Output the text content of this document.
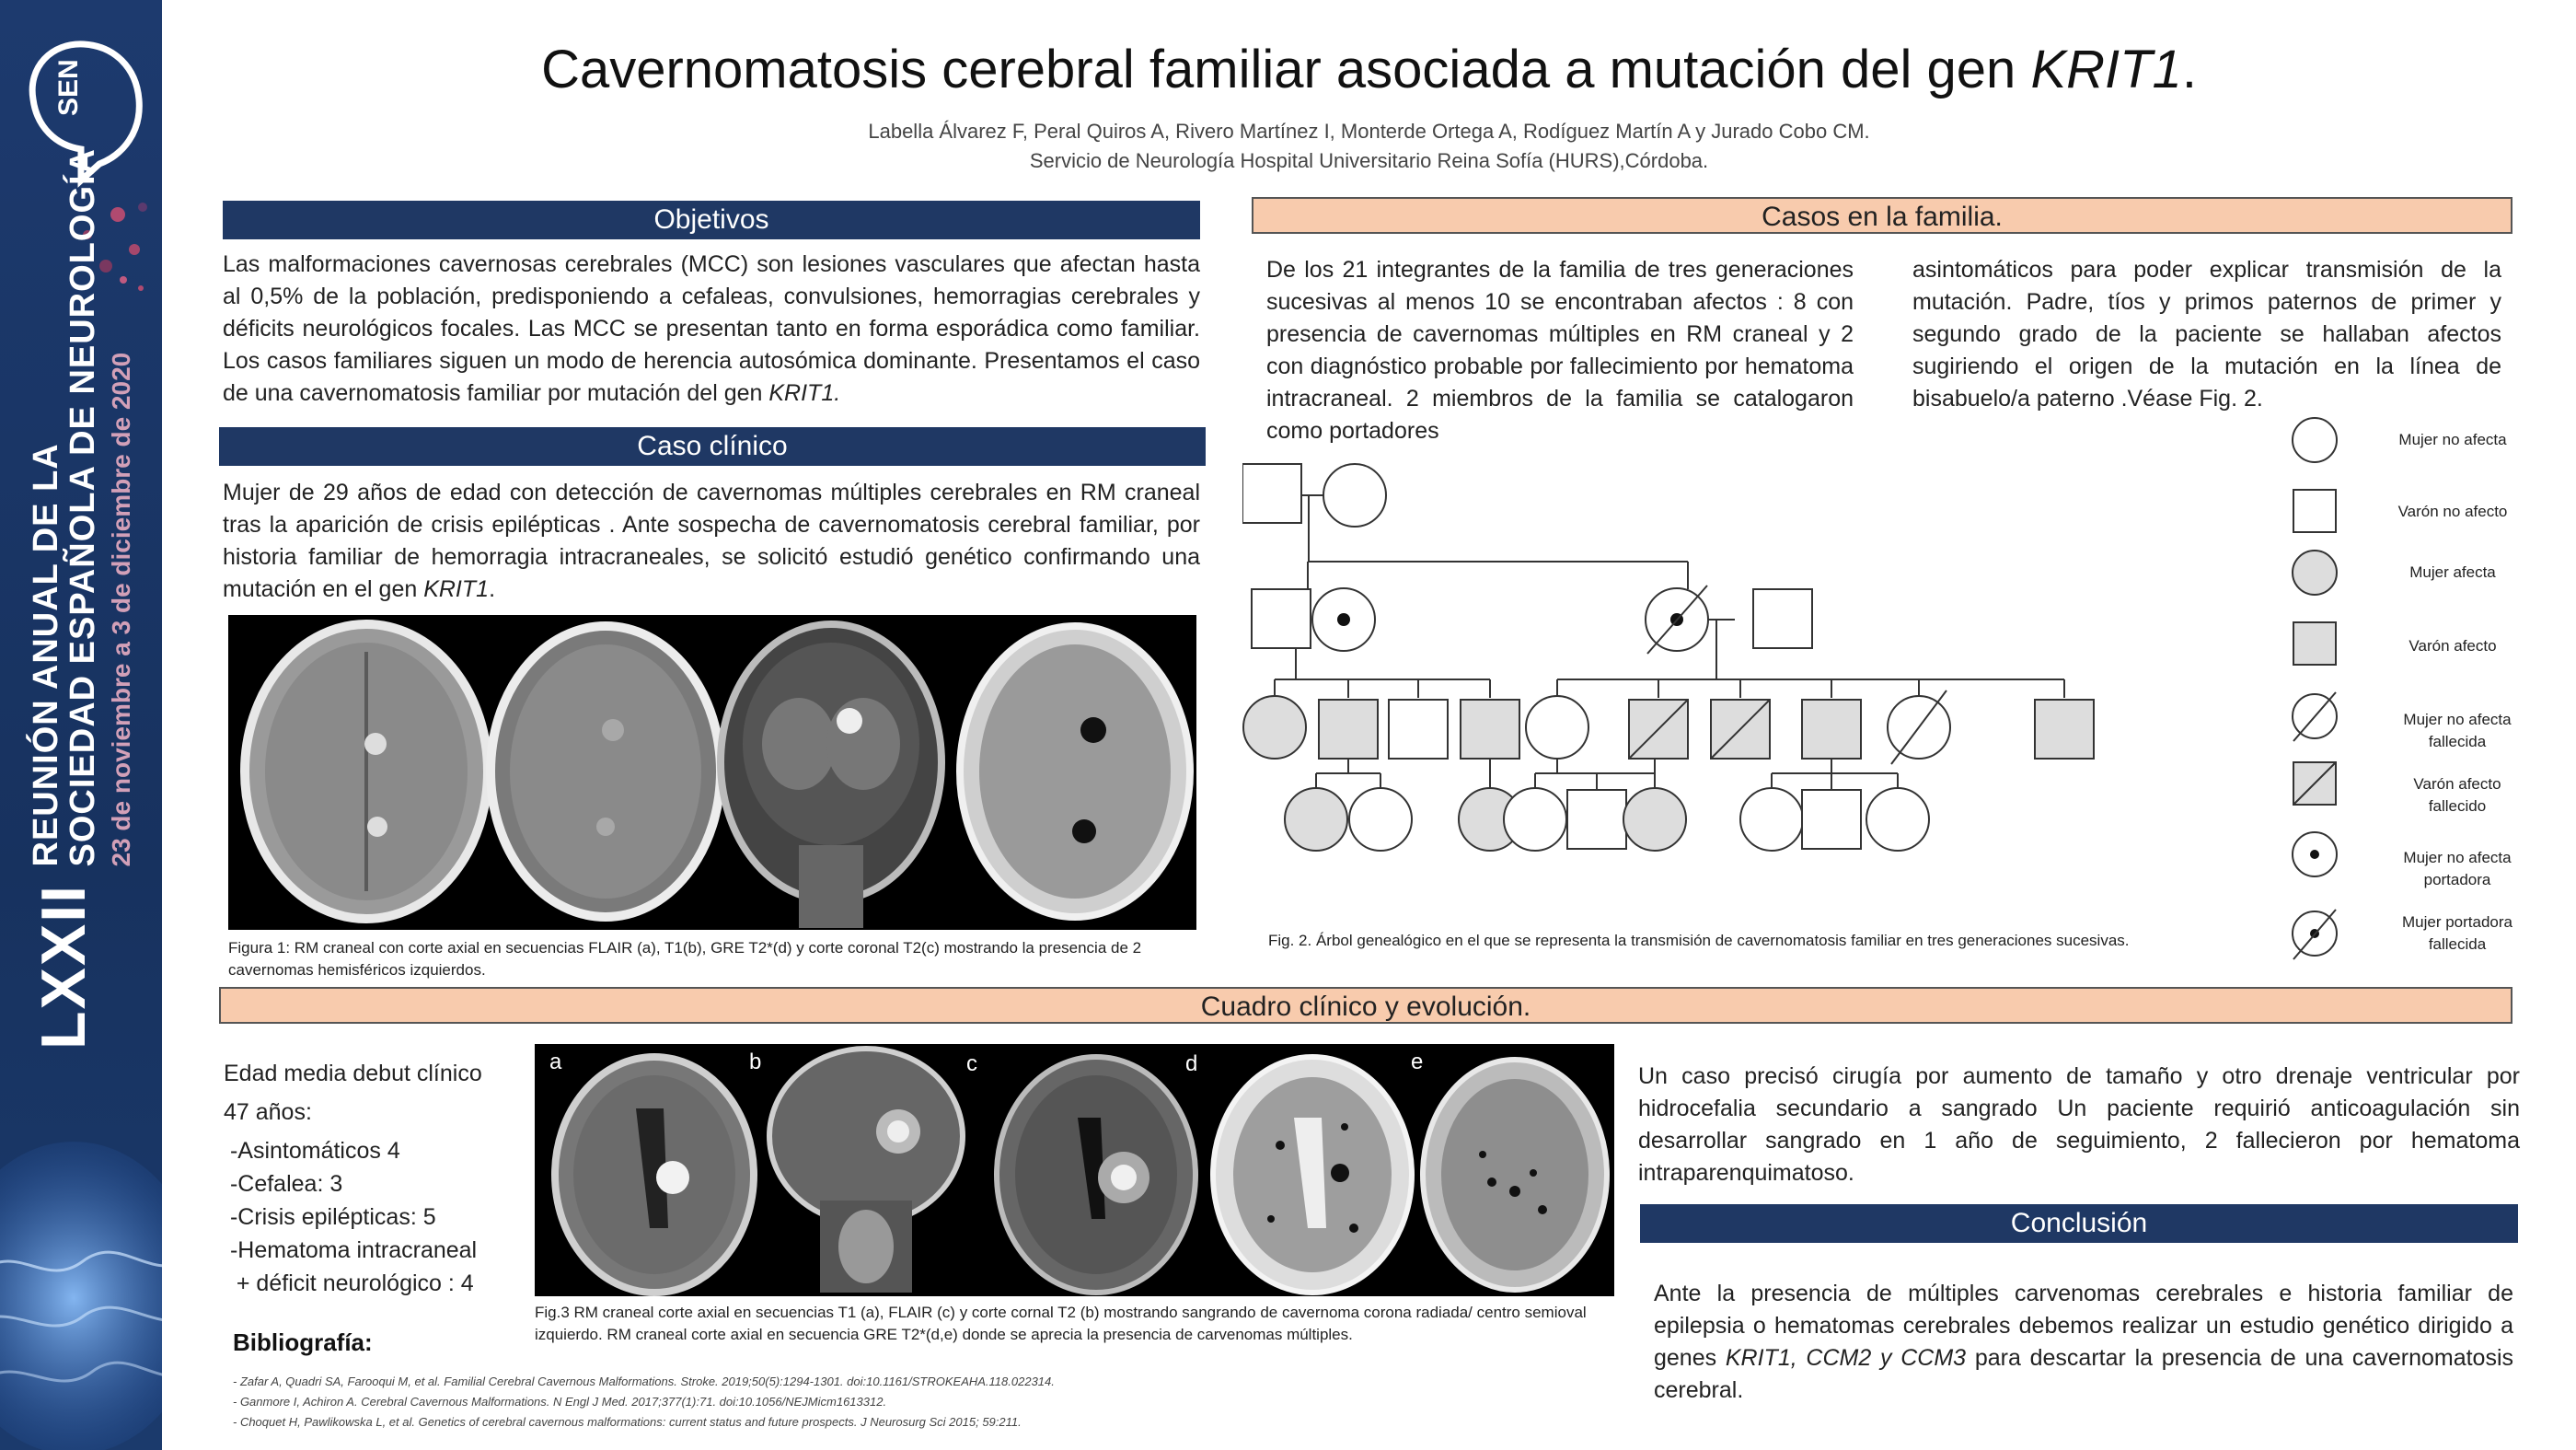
SEN
LXXII
REUNIÓN ANUAL DE LA
SOCIEDAD ESPAÑOLA DE NEUROLOGÍA 23 de noviembre a 3 de diciembre de 2020
Cavernomatosis cerebral familiar asociada a mutación del gen KRIT1.
Labella Álvarez F, Peral Quiros A, Rivero Martínez I, Monterde Ortega A, Rodíguez Martín A y Jurado Cobo CM.
Servicio de Neurología Hospital Universitario Reina Sofía (HURS),Córdoba.
Objetivos
Las malformaciones cavernosas cerebrales (MCC) son lesiones vasculares que afectan hasta al 0,5% de la población, predisponiendo a cefaleas, convulsiones, hemorragias cerebrales y déficits neurológicos focales. Las MCC se presentan tanto en forma esporádica como familiar. Los casos familiares siguen un modo de herencia autosómica dominante. Presentamos el caso de una cavernomatosis familiar por mutación del gen KRIT1.
Caso clínico
Mujer de 29 años de edad con detección de cavernomas múltiples cerebrales en RM craneal tras la aparición de crisis epilépticas . Ante sospecha de cavernomatosis cerebral familiar, por historia familiar de hemorragia intracraneales, se solicitó estudió genético confirmando una mutación en el gen KRIT1.
Figura 1: RM craneal con corte axial en secuencias FLAIR (a), T1(b), GRE T2*(d) y corte coronal T2(c) mostrando la presencia de 2 cavernomas hemisféricos izquierdos.
Casos en la familia.
De los 21 integrantes de la familia de tres generaciones sucesivas al menos 10 se encontraban afectos : 8 con presencia de cavernomas múltiples en RM craneal y 2 con diagnóstico probable por fallecimiento por hematoma intracraneal. 2 miembros de la familia se catalogaron como portadores
asintomáticos para poder explicar transmisión de la mutación. Padre, tíos y primos paternos de primer y segundo grado de la paciente se hallaban afectos sugiriendo el origen de la mutación en la línea de bisabuelo/a paterno .Véase Fig. 2.
Fig. 2. Árbol genealógico en el que se representa la transmisión de cavernomatosis familiar en tres generaciones sucesivas.
Mujer no afecta
Varón no afecto
Mujer afecta
Varón afecto
Mujer no afecta fallecida
Varón afecto fallecido
Mujer no afecta portadora
Mujer portadora fallecida
Cuadro clínico y evolución.
Edad media debut clínico
47 años:
-Asintomáticos 4
-Cefalea: 3
-Crisis epilépticas: 5
-Hematoma intracraneal
+ déficit neurológico : 4
a	b	c	d	e
Fig.3 RM craneal corte axial en secuencias T1 (a), FLAIR (c) y corte cornal T2 (b) mostrando sangrando de cavernoma corona radiada/ centro semioval izquierdo. RM craneal corte axial en secuencia GRE T2*(d,e) donde se aprecia la presencia de carvenomas múltiples.
Un caso precisó cirugía por aumento de tamaño y otro drenaje ventricular por hidrocefalia secundario a sangrado Un paciente requirió anticoagulación sin desarrollar sangrado en 1 año de seguimiento, 2 fallecieron por hematoma intraparenquimatoso.
Conclusión
Ante la presencia de múltiples carvenomas cerebrales e historia familiar de epilepsia o hematomas cerebrales debemos realizar un estudio genético dirigido a genes KRIT1, CCM2 y CCM3 para descartar la presencia de una cavernomatosis cerebral.
Bibliografía:
- Zafar A, Quadri SA, Farooqui M, et al. Familial Cerebral Cavernous Malformations. Stroke. 2019;50(5):1294-1301. doi:10.1161/STROKEAHA.118.022314.
- Ganmore I, Achiron A. Cerebral Cavernous Malformations. N Engl J Med. 2017;377(1):71. doi:10.1056/NEJMicm1613312.
- Choquet H, Pawlikowska L, et al. Genetics of cerebral cavernous malformations: current status and future prospects. J Neurosurg Sci 2015; 59:211.
